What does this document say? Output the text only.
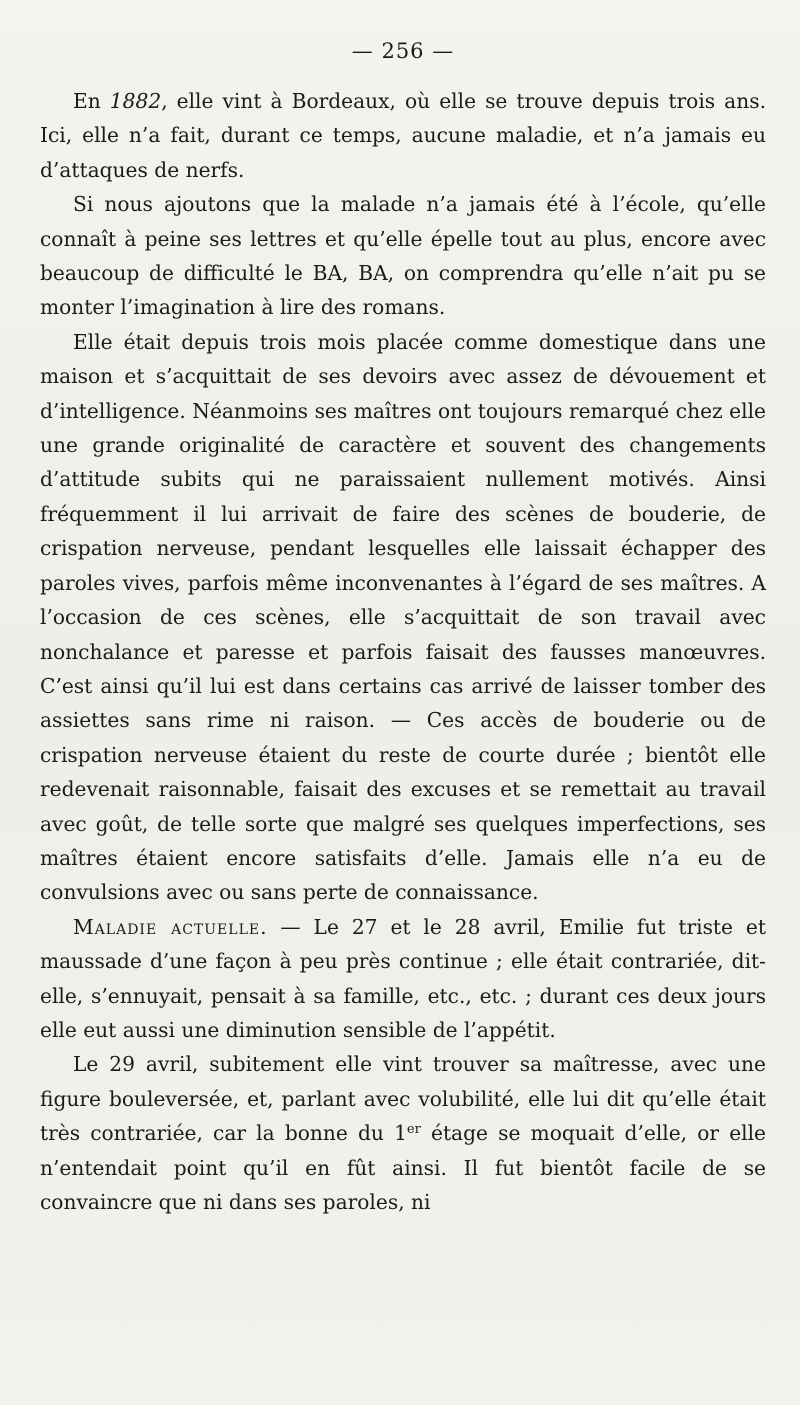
— 256 —

En 1882, elle vint à Bordeaux, où elle se trouve depuis trois ans. Ici, elle n’a fait, durant ce temps, aucune maladie, et n’a jamais eu d’attaques de nerfs.

Si nous ajoutons que la malade n’a jamais été à l’école, qu’elle connaît à peine ses lettres et qu’elle épelle tout au plus, encore avec beaucoup de difficulté le BA, BA, on comprendra qu’elle n’ait pu se monter l’imagination à lire des romans.

Elle était depuis trois mois placée comme domestique dans une maison et s’acquittait de ses devoirs avec assez de dévouement et d’intelligence. Néanmoins ses maîtres ont toujours remarqué chez elle une grande originalité de caractère et souvent des changements d’attitude subits qui ne paraissaient nullement motivés. Ainsi fréquemment il lui arrivait de faire des scènes de bouderie, de crispation nerveuse, pendant lesquelles elle laissait échapper des paroles vives, parfois même inconvenantes à l’égard de ses maîtres. A l’occasion de ces scènes, elle s’acquittait de son travail avec nonchalance et paresse et parfois faisait des fausses manœuvres. C’est ainsi qu’il lui est dans certains cas arrivé de laisser tomber des assiettes sans rime ni raison. — Ces accès de bouderie ou de crispation nerveuse étaient du reste de courte durée ; bientôt elle redevenait raisonnable, faisait des excuses et se remettait au travail avec goût, de telle sorte que malgré ses quelques imperfections, ses maîtres étaient encore satisfaits d’elle. Jamais elle n’a eu de convulsions avec ou sans perte de connaissance.

Maladie actuelle. — Le 27 et le 28 avril, Emilie fut triste et maussade d’une façon à peu près continue ; elle était contrariée, dit-elle, s’ennuyait, pensait à sa famille, etc., etc. ; durant ces deux jours elle eut aussi une diminution sensible de l’appétit.

Le 29 avril, subitement elle vint trouver sa maîtresse, avec une figure bouleversée, et, parlant avec volubilité, elle lui dit qu’elle était très contrariée, car la bonne du 1er étage se moquait d’elle, or elle n’entendait point qu’il en fût ainsi. Il fut bientôt facile de se convaincre que ni dans ses paroles, ni
